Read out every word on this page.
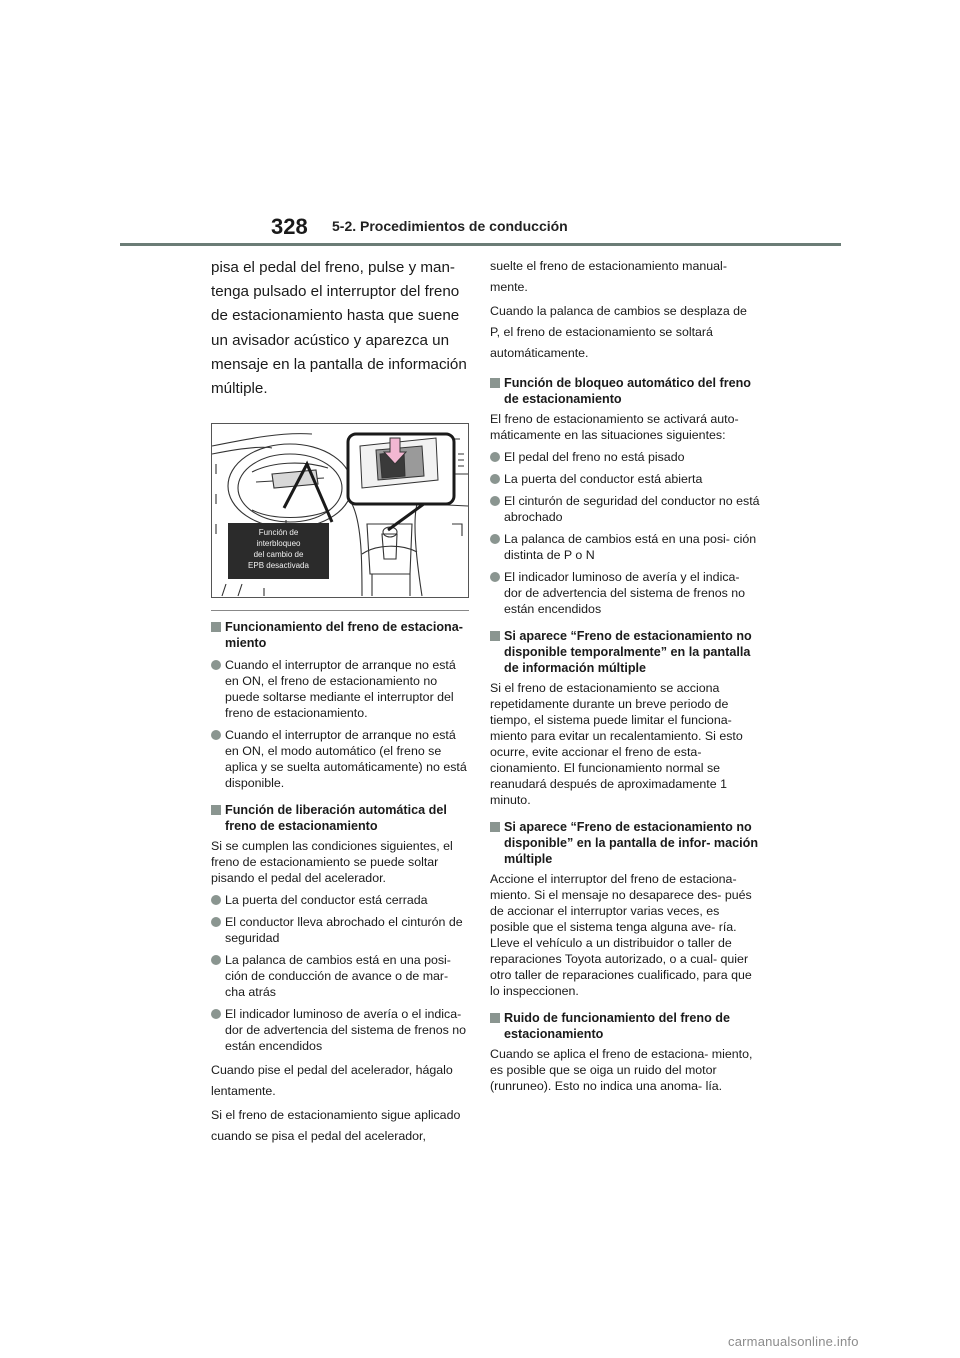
328 5-2. Procedimientos de conducción
pisa el pedal del freno, pulse y man-
tenga pulsado el interruptor del freno
de estacionamiento hasta que suene
un avisador acústico y aparezca un
mensaje en la pantalla de información
múltiple.
Función de
interbloqueo
del cambio de
EPB desactivada
Funcionamiento del freno de estaciona- miento
Cuando el interruptor de arranque no está en ON, el freno de estacionamiento no puede soltarse mediante el interruptor del freno de estacionamiento.
Cuando el interruptor de arranque no está en ON, el modo automático (el freno se aplica y se suelta automáticamente) no está disponible.
Función de liberación automática del freno de estacionamiento

Si se cumplen las condiciones siguientes, el freno de estacionamiento se puede soltar pisando el pedal del acelerador.

La puerta del conductor está cerrada
El conductor lleva abrochado el cinturón de seguridad
La palanca de cambios está en una posi- ción de conducción de avance o de mar- cha atrás
El indicador luminoso de avería o el indica- dor de advertencia del sistema de frenos no están encendidos

Cuando pise el pedal del acelerador, hágalo lentamente.

Si el freno de estacionamiento sigue aplicado cuando se pisa el pedal del acelerador,

suelte el freno de estacionamiento manual- mente.

Cuando la palanca de cambios se desplaza de P, el freno de estacionamiento se soltará automáticamente.

Función de bloqueo automático del freno de estacionamiento

El freno de estacionamiento se activará auto- máticamente en las situaciones siguientes:

El pedal del freno no está pisado
La puerta del conductor está abierta
El cinturón de seguridad del conductor no está abrochado
La palanca de cambios está en una posi- ción distinta de P o N
El indicador luminoso de avería y el indica- dor de advertencia del sistema de frenos no están encendidos
Si aparece “Freno de estacionamiento no disponible temporalmente” en la pantalla de información múltiple

Si el freno de estacionamiento se acciona repetidamente durante un breve periodo de tiempo, el sistema puede limitar el funciona- miento para evitar un recalentamiento. Si esto ocurre, evite accionar el freno de esta- cionamiento. El funcionamiento normal se reanudará después de aproximadamente 1 minuto.

Si aparece “Freno de estacionamiento no disponible” en la pantalla de infor- mación múltiple

Accione el interruptor del freno de estaciona- miento. Si el mensaje no desaparece des- pués de accionar el interruptor varias veces, es posible que el sistema tenga alguna ave- ría. Lleve el vehículo a un distribuidor o taller de reparaciones Toyota autorizado, o a cual- quier otro taller de reparaciones cualificado, para que lo inspeccionen.

Ruido de funcionamiento del freno de estacionamiento

Cuando se aplica el freno de estaciona- miento, es posible que se oiga un ruido del motor (runruneo). Esto no indica una anoma- lía.

carmanualsonline.info
